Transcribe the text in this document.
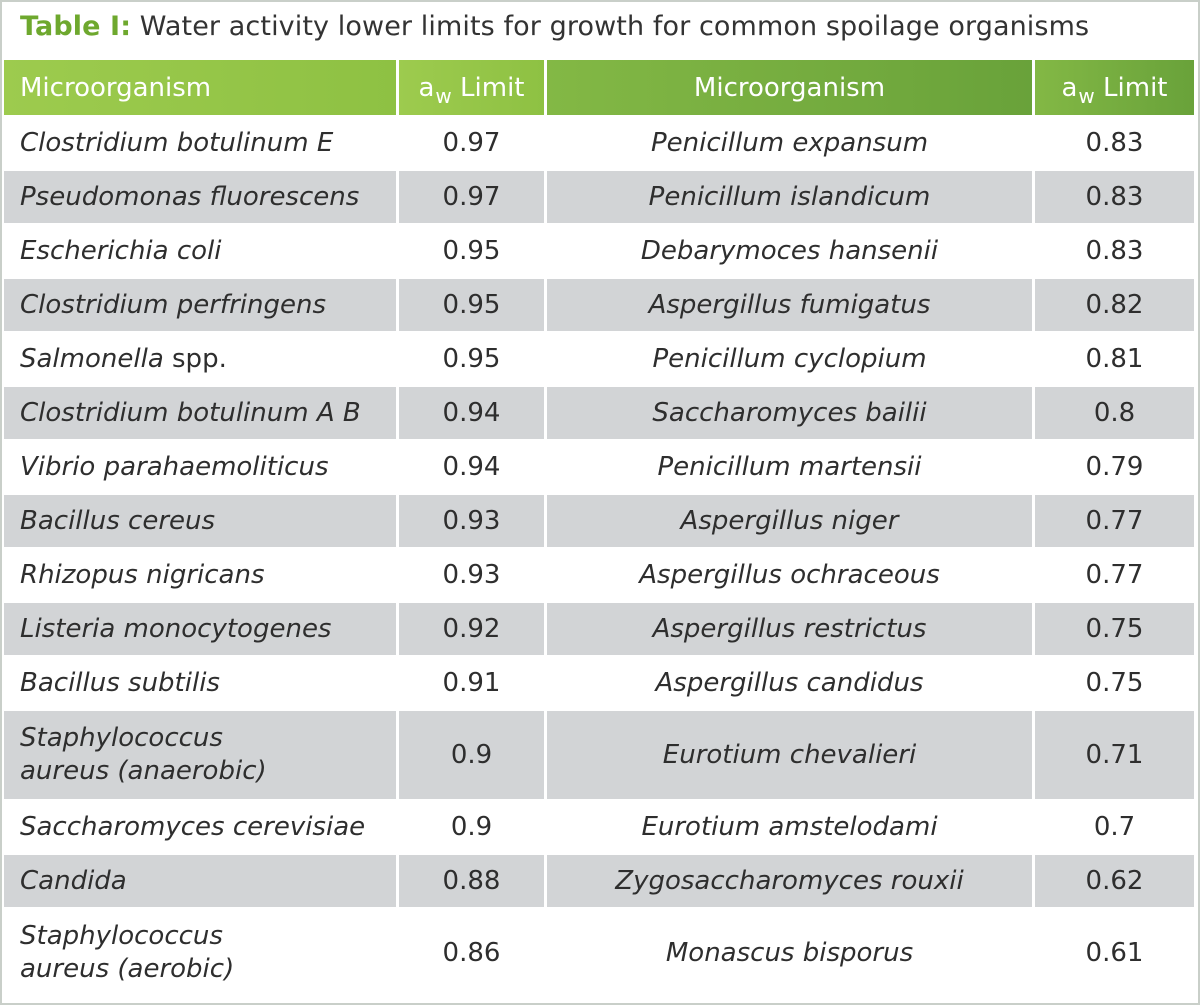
Table I: Water activity lower limits for growth for common spoilage organisms
Microorganism	$a_w$ Limit	Microorganism	$a_w$ Limit
Clostridium botulinum E	0.97	Penicillum expansum	0.83
Pseudomonas fluorescens	0.97	Penicillum islandicum	0.83
Escherichia coli	0.95	Debarymoces hansenii	0.83
Clostridium perfringens	0.95	Aspergillus fumigatus	0.82
Salmonella spp.	0.95	Penicillum cyclopium	0.81
Clostridium botulinum A B	0.94	Saccharomyces bailii	0.8
Vibrio parahaemoliticus	0.94	Penicillum martensii	0.79
Bacillus cereus	0.93	Aspergillus niger	0.77
Rhizopus nigricans	0.93	Aspergillus ochraceous	0.77
Listeria monocytogenes	0.92	Aspergillus restrictus	0.75
Bacillus subtilis	0.91	Aspergillus candidus	0.75
Staphylococcus
aureus (anaerobic)	0.9	Eurotium chevalieri	0.71
Saccharomyces cerevisiae	0.9	Eurotium amstelodami	0.7
Candida	0.88	Zygosaccharomyces rouxii	0.62
Staphylococcus
aureus (aerobic)	0.86	Monascus bisporus	0.61
